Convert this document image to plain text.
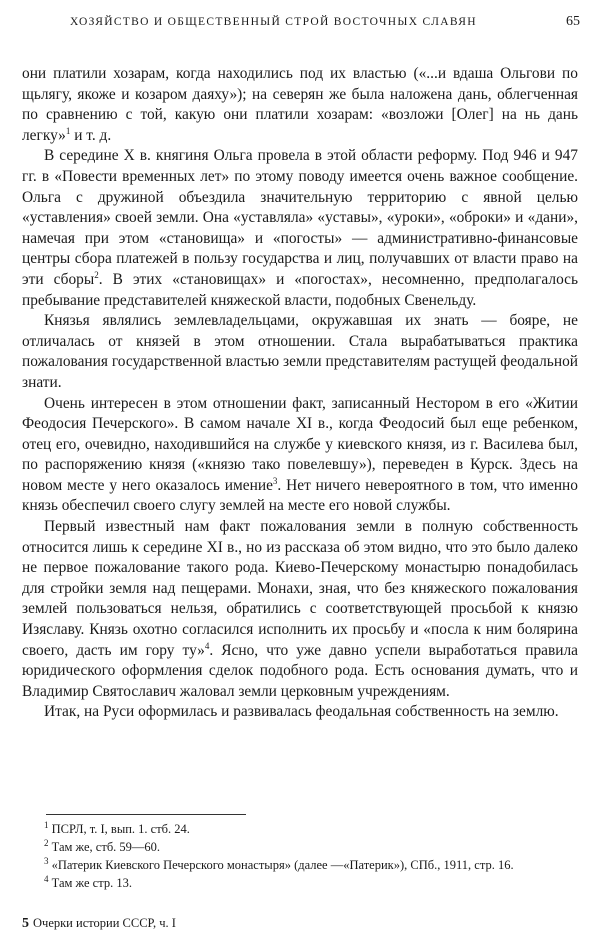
ХОЗЯЙСТВО И ОБЩЕСТВЕННЫЙ СТРОЙ ВОСТОЧНЫХ СЛАВЯН	65

они платили хозарам, когда находились под их властью («...и вдаша Ольгови по щьлягу, якоже и козаром даяху»); на северян же была наложена дань, облегченная по сравнению с той, какую они платили хозарам: «возложи [Олег] на нь дань легку»$^1$ и т. д.

В середине X в. княгиня Ольга провела в этой области реформу. Под 946 и 947 гг. в «Повести временных лет» по этому поводу имеется очень важное сообщение. Ольга с дружиной объездила значительную территорию с явной целью «уставления» своей земли. Она «уставляла» «уставы», «уроки», «оброки» и «дани», намечая при этом «становища» и «погосты» — административно-финансовые центры сбора платежей в пользу государства и лиц, получавших от власти право на эти сборы$^2$. В этих «становищах» и «погостах», несомненно, предполагалось пребывание представителей княжеской власти, подобных Свенельду.

Князья являлись землевладельцами, окружавшая их знать — бояре, не отличалась от князей в этом отношении. Стала вырабатываться практика пожалования государственной властью земли представителям растущей феодальной знати.

Очень интересен в этом отношении факт, записанный Нестором в его «Житии Феодосия Печерского». В самом начале XI в., когда Феодосий был еще ребенком, отец его, очевидно, находившийся на службе у киевского князя, из г. Василева был, по распоряжению князя («князю тако повелевшу»), переведен в Курск. Здесь на новом месте у него оказалось имение$^3$. Нет ничего невероятного в том, что именно князь обеспечил своего слугу землей на месте его новой службы.

Первый известный нам факт пожалования земли в полную собственность относится лишь к середине XI в., но из рассказа об этом видно, что это было далеко не первое пожалование такого рода. Киево-Печерскому монастырю понадобилась для стройки земля над пещерами. Монахи, зная, что без княжеского пожалования землей пользоваться нельзя, обратились с соответствующей просьбой к князю Изяславу. Князь охотно согласился исполнить их просьбу и «посла к ним болярина своего, дасть им гору ту»$^4$. Ясно, что уже давно успели выработаться правила юридического оформления сделок подобного рода. Есть основания думать, что и Владимир Святославич жаловал земли церковным учреждениям.

Итак, на Руси оформилась и развивалась феодальная собственность на землю.

$^1$ ПСРЛ, т. I, вып. 1. стб. 24.

$^2$ Там же, стб. 59—60.

$^3$ «Патерик Киевского Печерского монастыря» (далее —«Патерик»), СПб., 1911, стр. 16.

$^4$ Там же стр. 13.

5 Очерки истории СССР, ч. I
